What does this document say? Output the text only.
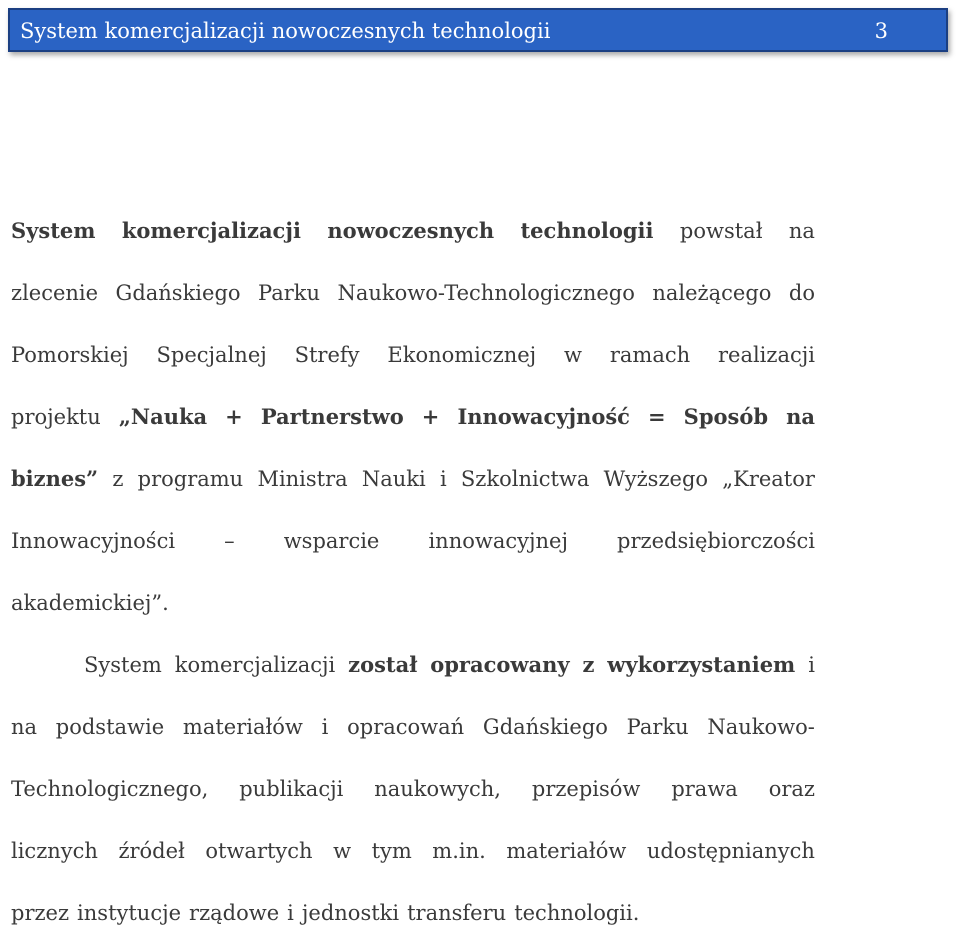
System komercjalizacji nowoczesnych technologii	3
System komercjalizacji nowoczesnych technologii powstał na
zlecenie Gdańskiego Parku Naukowo-Technologicznego należącego do
Pomorskiej Specjalnej Strefy Ekonomicznej w ramach realizacji
projektu „Nauka + Partnerstwo + Innowacyjność = Sposób na
biznes” z programu Ministra Nauki i Szkolnictwa Wyższego „Kreator
Innowacyjności – wsparcie innowacyjnej przedsiębiorczości
akademickiej”.
System komercjalizacji został opracowany z wykorzystaniem i
na podstawie materiałów i opracowań Gdańskiego Parku Naukowo-
Technologicznego, publikacji naukowych, przepisów prawa oraz
licznych źródeł otwartych w tym m.in. materiałów udostępnianych
przez instytucje rządowe i jednostki transferu technologii.
